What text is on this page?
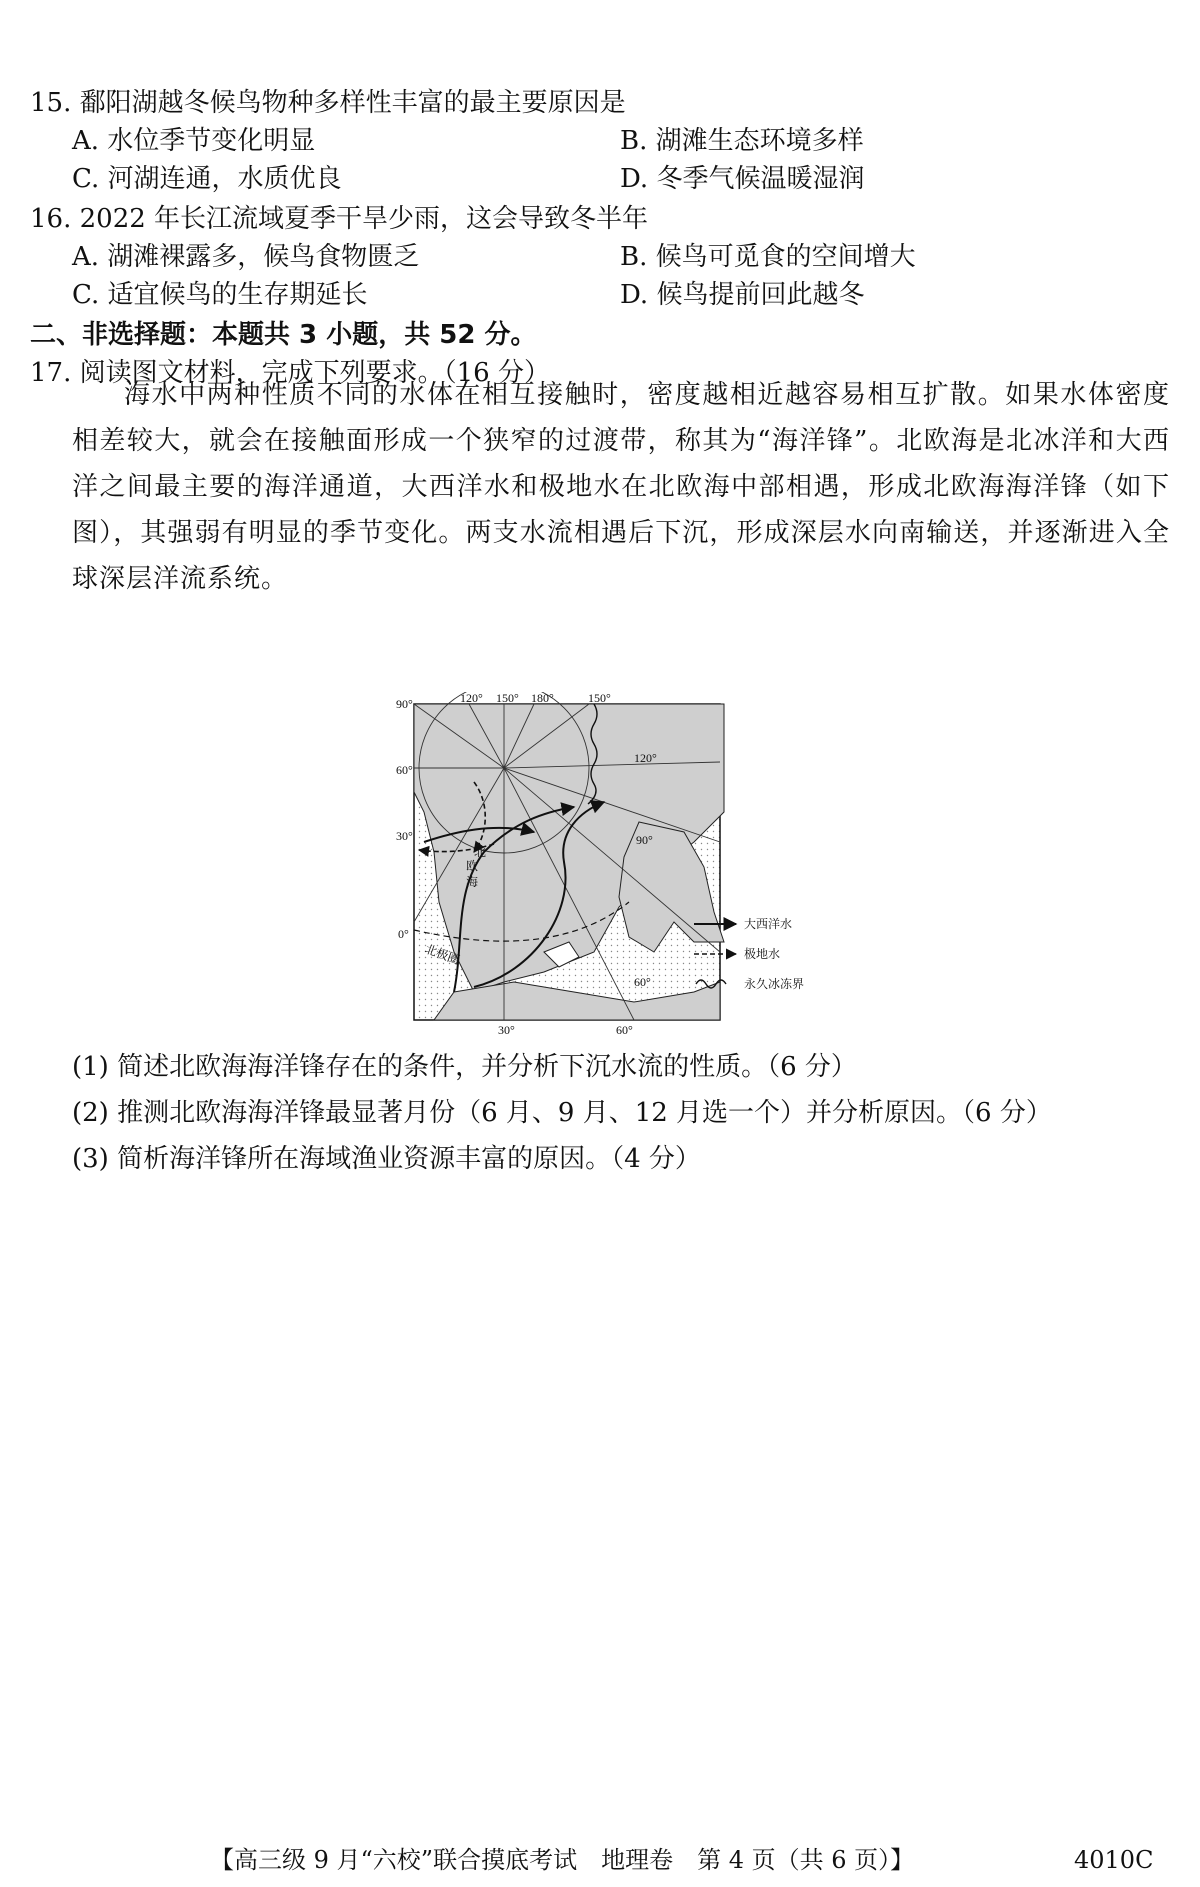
15. 鄱阳湖越冬候鸟物种多样性丰富的最主要原因是
A. 水位季节变化明显	B. 湖滩生态环境多样
C. 河湖连通，水质优良	D. 冬季气候温暖湿润
16. 2022 年长江流域夏季干旱少雨，这会导致冬半年
A. 湖滩裸露多，候鸟食物匮乏	B. 候鸟可觅食的空间增大
C. 适宜候鸟的生存期延长	D. 候鸟提前回此越冬
二、非选择题：本题共 3 小题，共 52 分。
17. 阅读图文材料，完成下列要求。（16 分）
海水中两种性质不同的水体在相互接触时，密度越相近越容易相互扩散。如果水体密度相差较大，就会在接触面形成一个狭窄的过渡带，称其为“海洋锋”。北欧海是北冰洋和大西洋之间最主要的海洋通道，大西洋水和极地水在北欧海中部相遇，形成北欧海海洋锋（如下图），其强弱有明显的季节变化。两支水流相遇后下沉，形成深层水向南输送，并逐渐进入全球深层洋流系统。
90°
60°
30°
0°
120° 150° 180°	150°
120°
90°
60°
30°	60°
北
欧
海
北极圈
大西洋水
极地水
永久冰冻界
(1) 简述北欧海海洋锋存在的条件，并分析下沉水流的性质。（6 分）
(2) 推测北欧海海洋锋最显著月份（6 月、9 月、12 月选一个）并分析原因。（6 分）
(3) 简析海洋锋所在海域渔业资源丰富的原因。（4 分）
【高三级 9 月“六校”联合摸底考试　地理卷　第 4 页（共 6 页）】	4010C
